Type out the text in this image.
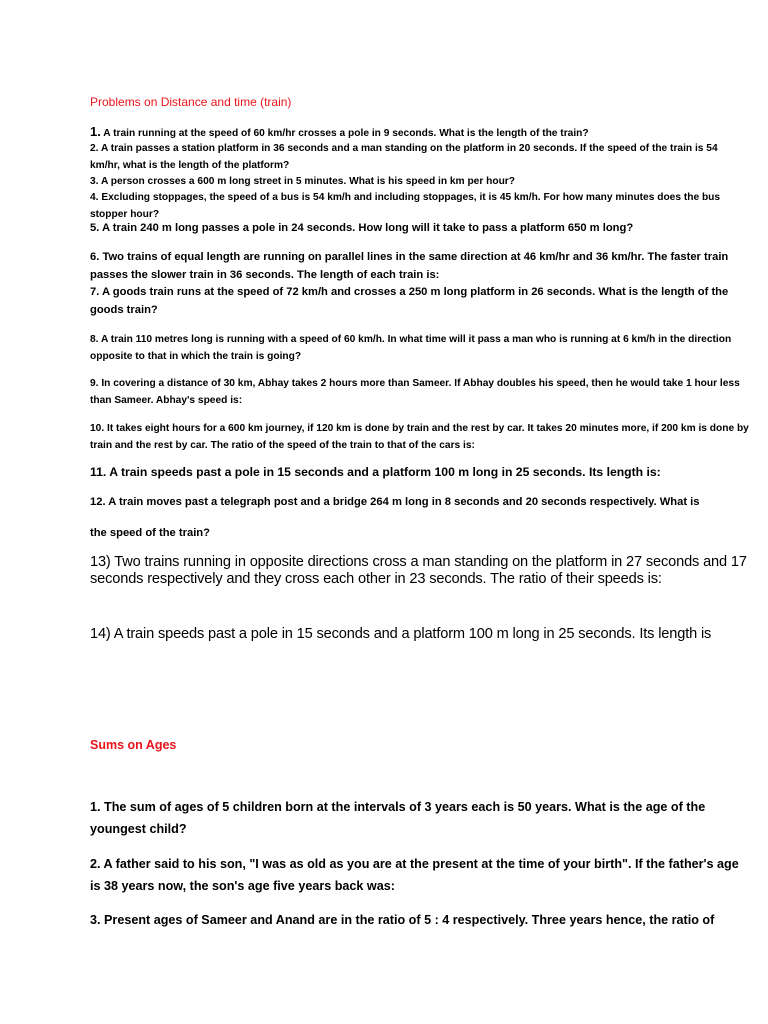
Problems on Distance and time (train)
1. A train running at the speed of 60 km/hr crosses a pole in 9 seconds. What is the length of the train?
2. A train passes a station platform in 36 seconds and a man standing on the platform in 20 seconds. If the speed of the train is 54 km/hr, what is the length of the platform?
3. A person crosses a 600 m long street in 5 minutes. What is his speed in km per hour?
4. Excluding stoppages, the speed of a bus is 54 km/h and including stoppages, it is 45 km/h. For how many minutes does the bus stopper hour?
5. A train 240 m long passes a pole in 24 seconds. How long will it take to pass a platform 650 m long?
6. Two trains of equal length are running on parallel lines in the same direction at 46 km/hr and 36 km/hr. The faster train passes the slower train in 36 seconds. The length of each train is:
7. A goods train runs at the speed of 72 km/h and crosses a 250 m long platform in 26 seconds. What is the length of the goods train?
8. A train 110 metres long is running with a speed of 60 km/h. In what time will it pass a man who is running at 6 km/h in the direction opposite to that in which the train is going?
9. In covering a distance of 30 km, Abhay takes 2 hours more than Sameer. If Abhay doubles his speed, then he would take 1 hour less than Sameer. Abhay's speed is:
10. It takes eight hours for a 600 km journey, if 120 km is done by train and the rest by car. It takes 20 minutes more, if 200 km is done by train and the rest by car. The ratio of the speed of the train to that of the cars is:
11. A train speeds past a pole in 15 seconds and a platform 100 m long in 25 seconds. Its length is:
12. A train moves past a telegraph post and a bridge 264 m long in 8 seconds and 20 seconds respectively. What is
the speed of the train?
13) Two trains running in opposite directions cross a man standing on the platform in 27 seconds and 17 seconds respectively and they cross each other in 23 seconds. The ratio of their speeds is:
14) A train speeds past a pole in 15 seconds and a platform 100 m long in 25 seconds. Its length is
Sums on Ages
1. The sum of ages of 5 children born at the intervals of 3 years each is 50 years. What is the age of the youngest child?
2. A father said to his son, "I was as old as you are at the present at the time of your birth". If the father's age is 38 years now, the son's age five years back was:
3. Present ages of Sameer and Anand are in the ratio of 5 : 4 respectively. Three years hence, the ratio of
